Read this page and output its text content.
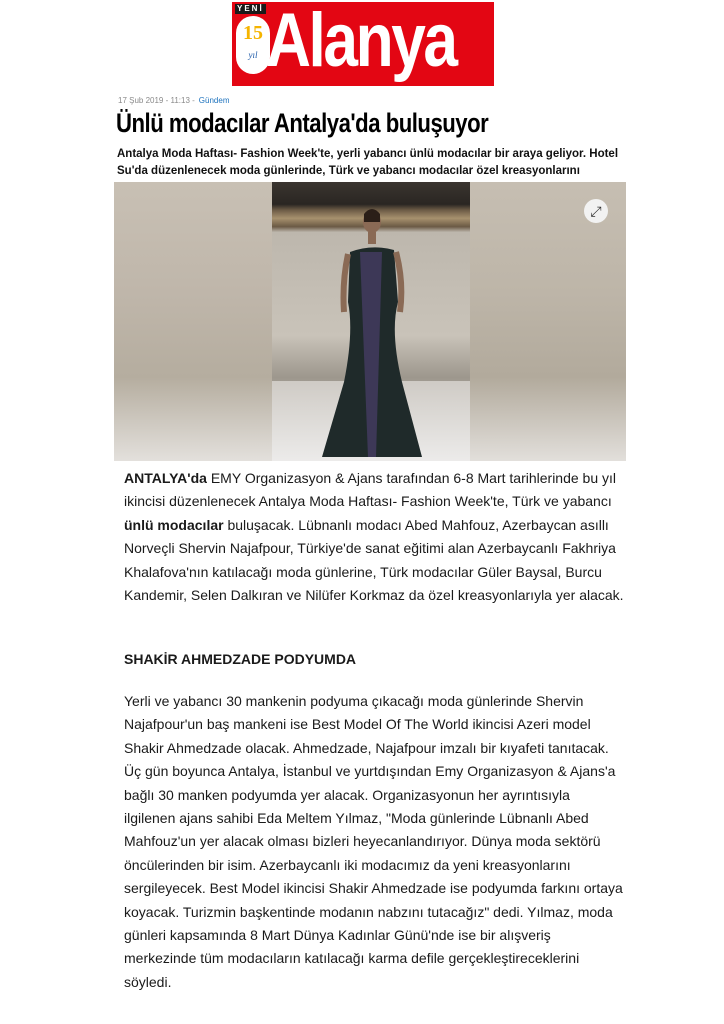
YENİ
15
yıl Alanya
17 Şub 2019 - 11:13 - Gündem
Ünlü modacılar Antalya'da buluşuyor
Antalya Moda Haftası- Fashion Week'te, yerli yabancı ünlü modacılar bir araya geliyor. Hotel Su'da düzenlenecek moda günlerinde, Türk ve yabancı modacılar özel kreasyonlarını
⤢
ANTALYA'da EMY Organizasyon & Ajans tarafından 6-8 Mart tarihlerinde bu yıl ikincisi düzenlenecek Antalya Moda Haftası- Fashion Week'te, Türk ve yabancı ünlü modacılar buluşacak. Lübnanlı modacı Abed Mahfouz, Azerbaycan asıllı Norveçli Shervin Najafpour, Türkiye'de sanat eğitimi alan Azerbaycanlı Fakhriya Khalafova'nın katılacağı moda günlerine, Türk modacılar Güler Baysal, Burcu Kandemir, Selen Dalkıran ve Nilüfer Korkmaz da özel kreasyonlarıyla yer alacak.
SHAKİR AHMEDZADE PODYUMDA
Yerli ve yabancı 30 mankenin podyuma çıkacağı moda günlerinde Shervin Najafpour'un baş mankeni ise Best Model Of The World ikincisi Azeri model Shakir Ahmedzade olacak. Ahmedzade, Najafpour imzalı bir kıyafeti tanıtacak. Üç gün boyunca Antalya, İstanbul ve yurtdışından Emy Organizasyon & Ajans'a bağlı 30 manken podyumda yer alacak. Organizasyonun her ayrıntısıyla ilgilenen ajans sahibi Eda Meltem Yılmaz, "Moda günlerinde Lübnanlı Abed Mahfouz'un yer alacak olması bizleri heyecanlandırıyor. Dünya moda sektörü öncülerinden bir isim. Azerbaycanlı iki modacımız da yeni kreasyonlarını sergileyecek. Best Model ikincisi Shakir Ahmedzade ise podyumda farkını ortaya koyacak. Turizmin başkentinde modanın nabzını tutacağız" dedi. Yılmaz, moda günleri kapsamında 8 Mart Dünya Kadınlar Günü'nde ise bir alışveriş merkezinde tüm modacıların katılacağı karma defile gerçekleştireceklerini söyledi.
